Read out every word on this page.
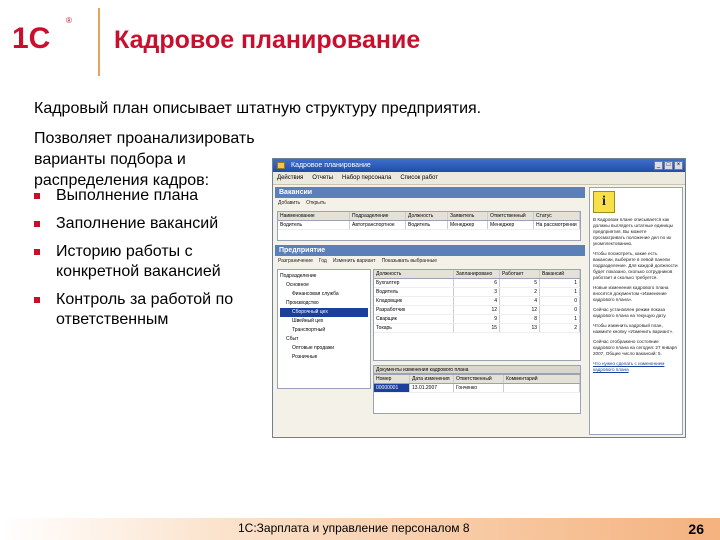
1С
®
Кадровое планирование

Кадровый план описывает штатную структуру предприятия.

Позволяет проанализировать варианты подбора и распределения кадров:

Выполнение плана
Заполнение вакансий
Историю работы с конкретной вакансией
Контроль за работой по ответственным
Кадровое планирование	_	□	×
Действия Отчеты Набор персонала Список работ
Вакансии
Добавить Открыть
Наименование	Подразделение	Должность	Заявитель	Ответственный	Статус
Водитель	Автотранспортное	Водитель	Менеджер	Менеджер	На рассмотрении
Предприятие
Разграничение Год Изменить вариант Показывать выбранные
Подразделение
Основное
Финансовая служба
Производство
Сборочный цех
Швейный цех
Транспортный
Сбыт
Оптовые продажи
Розничные
Должность	Запланировано	Работает	Вакансий
Бухгалтер	6	5	1
Водитель	3	2	1
Кладовщик	4	4	0
Разработчик	12	12	0
Сварщик	9	8	1
Токарь	15	13	2
Документы изменения кадрового плана
Номер	Дата изменения	Ответственный	Комментарий
00000001	13.01.2007	Гонченко
i

В Кадровом плане описывается как должны выглядеть штатные единицы предприятия. Вы можете просматривать положение дел по их укомплектованию.

Чтобы посмотреть, какие есть вакансии, выберите в левой панели подразделение. Для каждой должности будет показано, сколько сотрудников работает и сколько требуется.

Новые изменения кадрового плана вносятся документом «Изменение кадрового плана».

Сейчас установлен режим показа кадрового плана на текущую дату.

Чтобы изменить кадровый план, нажмите кнопку «Изменить вариант».

Сейчас отображено состояние кадрового плана на сегодня: 27 января 2007, Общее число вакансий: 5.

Что нужно сделать с изменением кадрового плана

1С:Зарплата и управление персоналом 8	26
